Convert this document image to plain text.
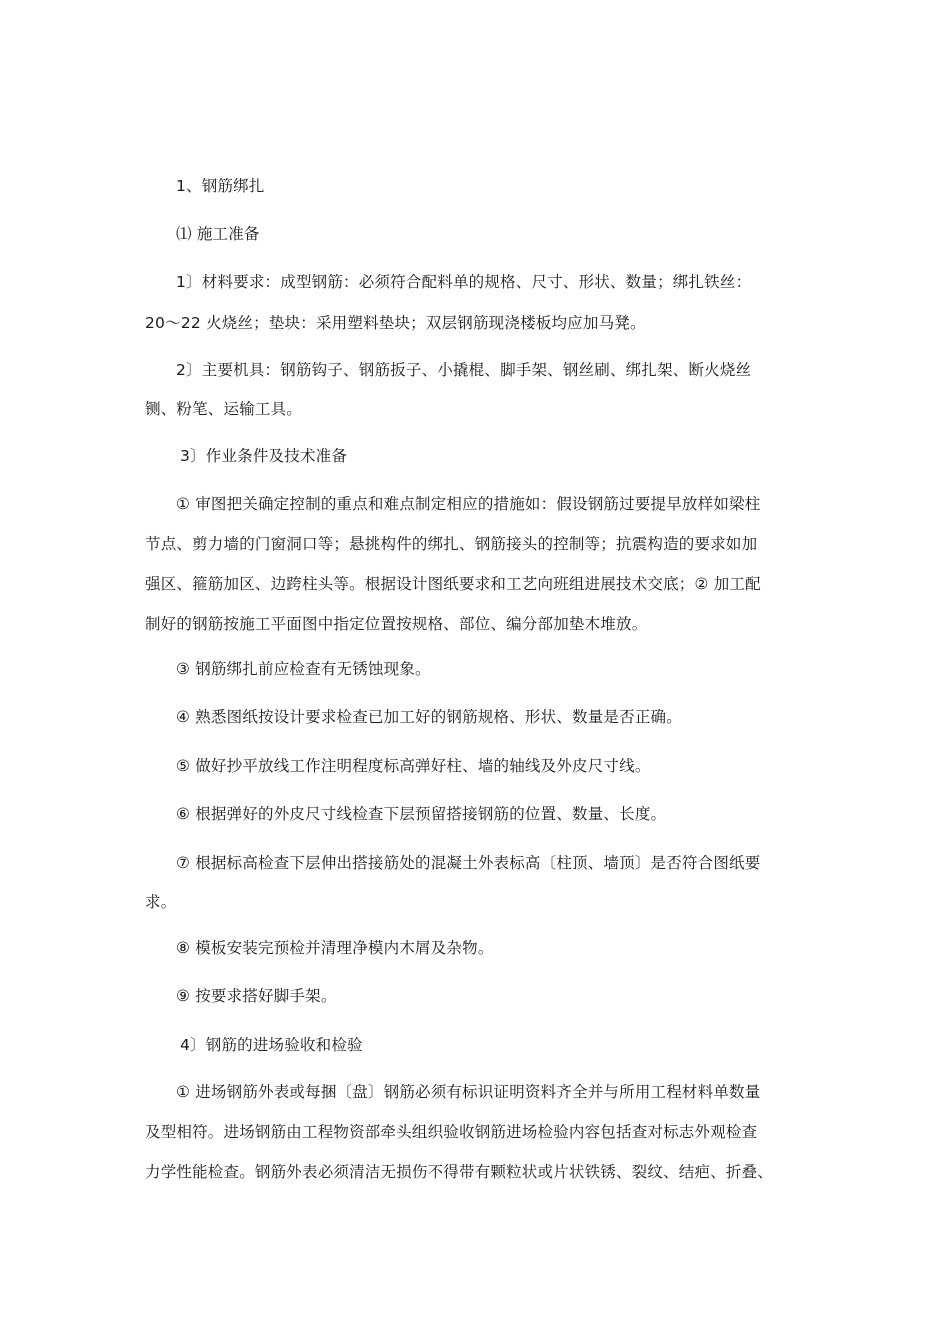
1、钢筋绑扎
⑴ 施工准备
1〕材料要求：成型钢筋：必须符合配料单的规格、尺寸、形状、数量；绑扎铁丝：
20～22 火烧丝；垫块：采用塑料垫块；双层钢筋现浇楼板均应加马凳。
2〕主要机具：钢筋钩子、钢筋扳子、小撬棍、脚手架、钢丝刷、绑扎架、断火烧丝
铡、粉笔、运输工具。
3〕作业条件及技术准备
① 审图把关确定控制的重点和难点制定相应的措施如：假设钢筋过要提早放样如梁柱
节点、剪力墙的门窗洞口等；悬挑构件的绑扎、钢筋接头的控制等；抗震构造的要求如加
强区、箍筋加区、边跨柱头等。根据设计图纸要求和工艺向班组进展技术交底；② 加工配
制好的钢筋按施工平面图中指定位置按规格、部位、编分部加垫木堆放。
③ 钢筋绑扎前应检查有无锈蚀现象。
④ 熟悉图纸按设计要求检查已加工好的钢筋规格、形状、数量是否正确。
⑤ 做好抄平放线工作注明程度标高弹好柱、墙的轴线及外皮尺寸线。
⑥ 根据弹好的外皮尺寸线检查下层预留搭接钢筋的位置、数量、长度。
⑦ 根据标高检查下层伸出搭接筋处的混凝土外表标高〔柱顶、墙顶〕是否符合图纸要
求。
⑧ 模板安装完预检并清理净模内木屑及杂物。
⑨ 按要求搭好脚手架。
4〕钢筋的进场验收和检验
① 进场钢筋外表或每捆〔盘〕钢筋必须有标识证明资料齐全并与所用工程材料单数量
及型相符。进场钢筋由工程物资部牵头组织验收钢筋进场检验内容包括查对标志外观检查
力学性能检查。钢筋外表必须清洁无损伤不得带有颗粒状或片状铁锈、裂纹、结疤、折叠、
